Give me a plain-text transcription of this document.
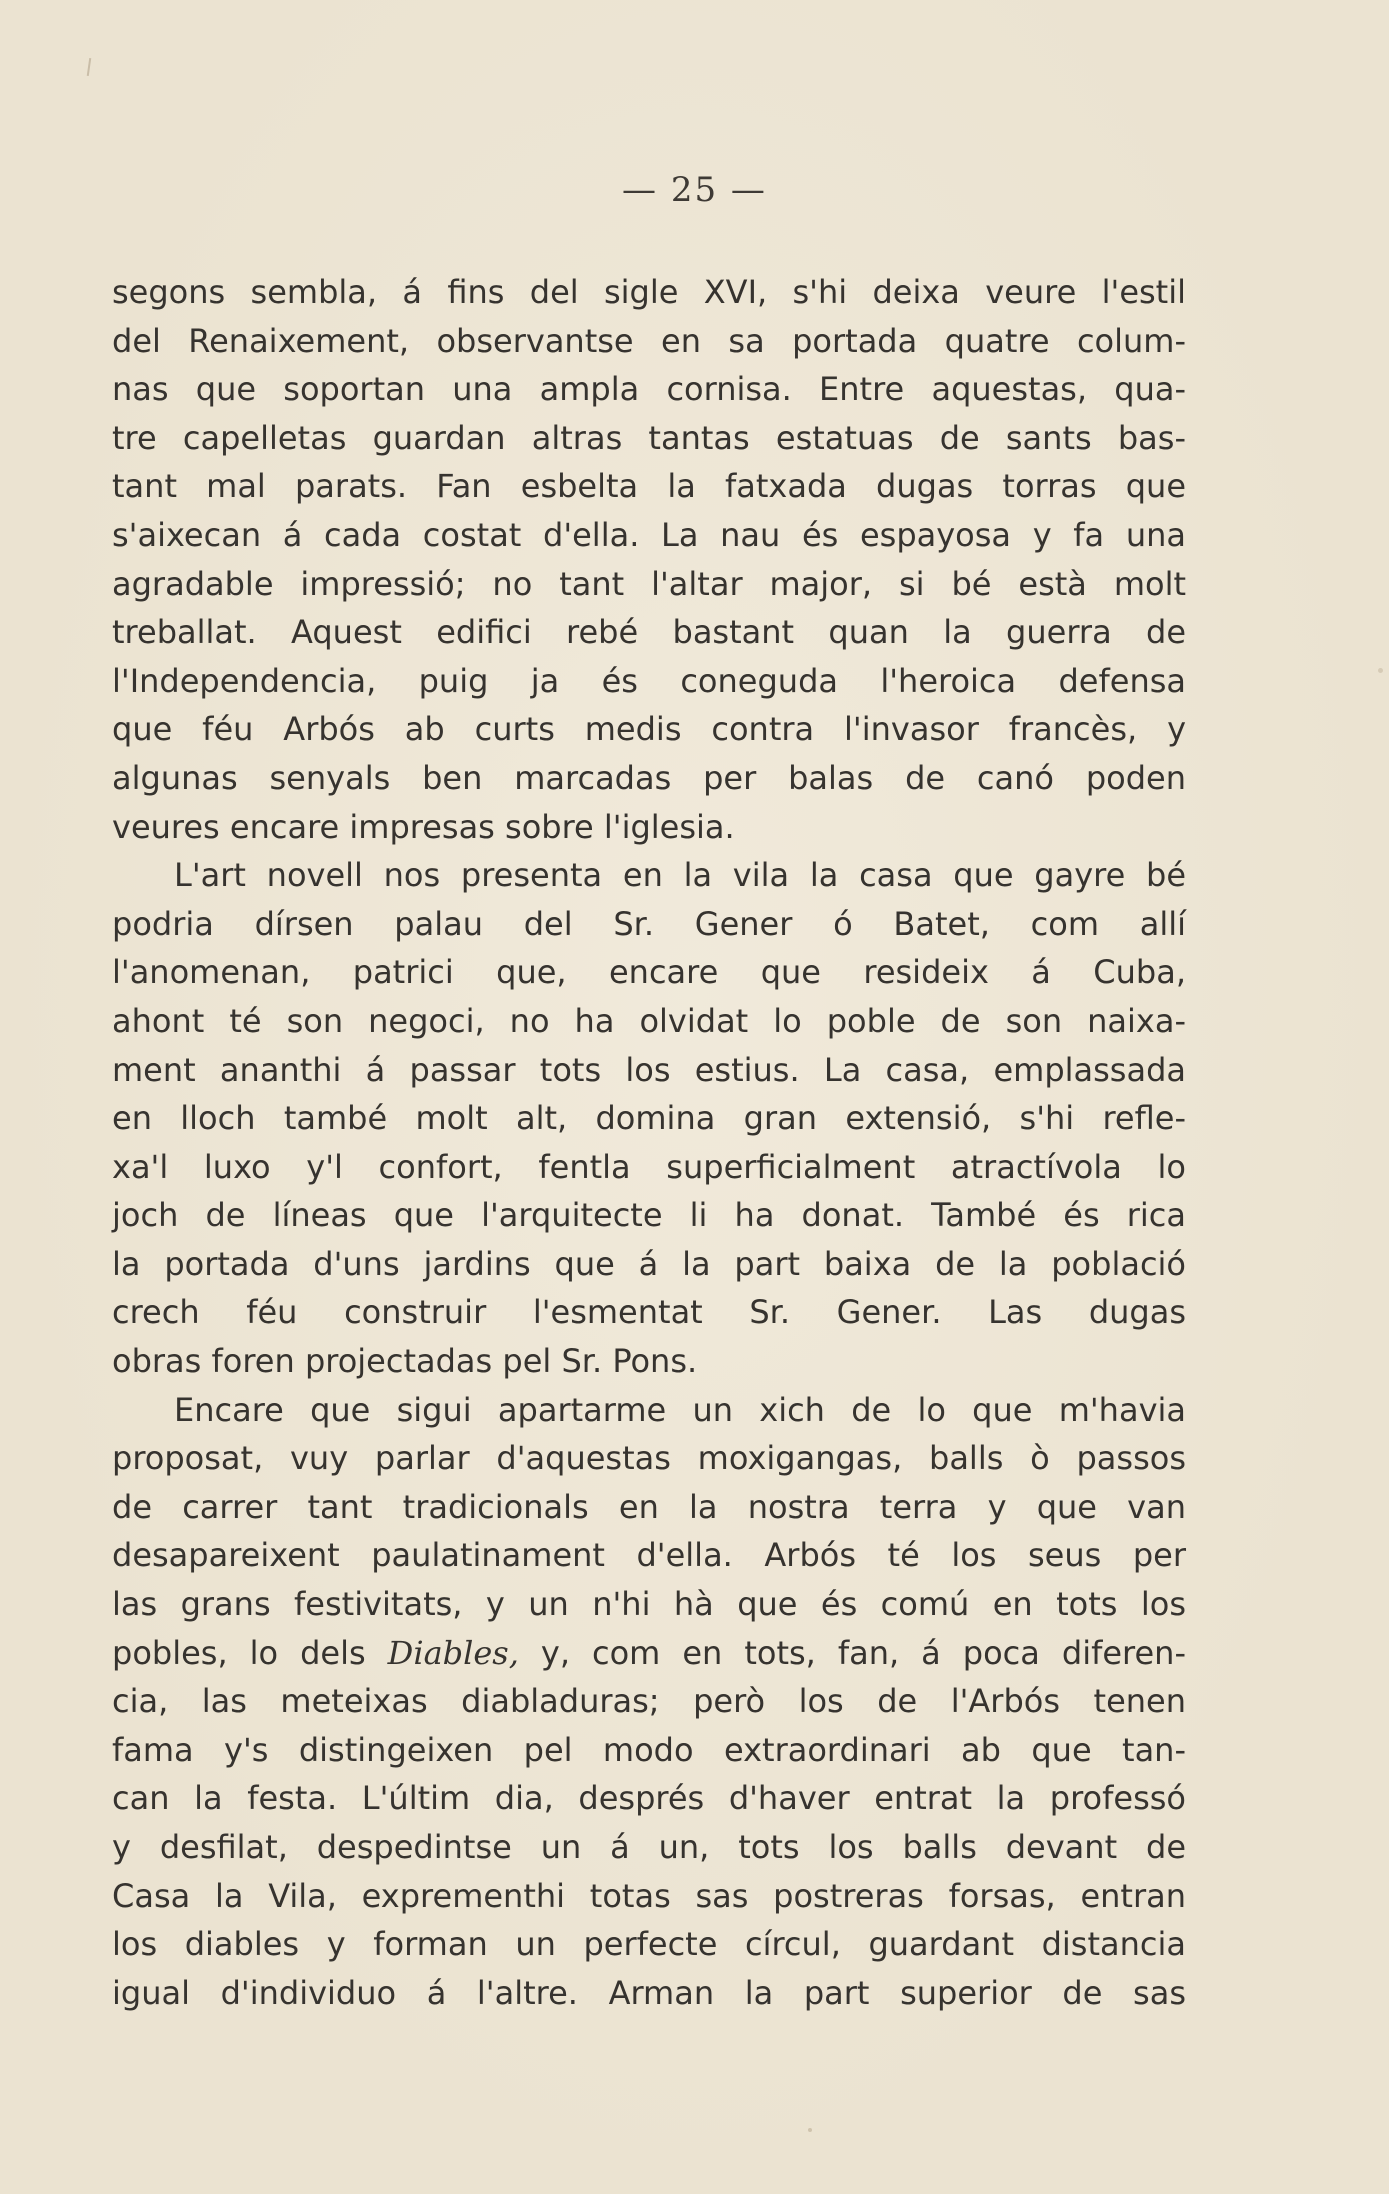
— 25 —
segons sembla, á fins del sigle XVI, s'hi deixa veure l'estil
del Renaixement, observantse en sa portada quatre colum-
nas que soportan una ampla cornisa. Entre aquestas, qua-
tre capelletas guardan altras tantas estatuas de sants bas-
tant mal parats. Fan esbelta la fatxada dugas torras que
s'aixecan á cada costat d'ella. La nau és espayosa y fa una
agradable impressió; no tant l'altar major, si bé està molt
treballat. Aquest edifici rebé bastant quan la guerra de
l'Independencia, puig ja és coneguda l'heroica defensa
que féu Arbós ab curts medis contra l'invasor francès, y
algunas senyals ben marcadas per balas de canó poden
veures encare impresas sobre l'iglesia.
L'art novell nos presenta en la vila la casa que gayre bé
podria dírsen palau del Sr. Gener ó Batet, com allí
l'anomenan, patrici que, encare que resideix á Cuba,
ahont té son negoci, no ha olvidat lo poble de son naixa-
ment ananthi á passar tots los estius. La casa, emplassada
en lloch també molt alt, domina gran extensió, s'hi refle-
xa'l luxo y'l confort, fentla superficialment atractívola lo
joch de líneas que l'arquitecte li ha donat. També és rica
la portada d'uns jardins que á la part baixa de la població
crech féu construir l'esmentat Sr. Gener. Las dugas
obras foren projectadas pel Sr. Pons.
Encare que sigui apartarme un xich de lo que m'havia
proposat, vuy parlar d'aquestas moxigangas, balls ò passos
de carrer tant tradicionals en la nostra terra y que van
desapareixent paulatinament d'ella. Arbós té los seus per
las grans festivitats, y un n'hi hà que és comú en tots los
pobles, lo dels Diables, y, com en tots, fan, á poca diferen-
cia, las meteixas diabladuras; però los de l'Arbós tenen
fama y's distingeixen pel modo extraordinari ab que tan-
can la festa. L'últim dia, després d'haver entrat la professó
y desfilat, despedintse un á un, tots los balls devant de
Casa la Vila, exprementhi totas sas postreras forsas, entran
los diables y forman un perfecte círcul, guardant distancia
igual d'individuo á l'altre. Arman la part superior de sas
